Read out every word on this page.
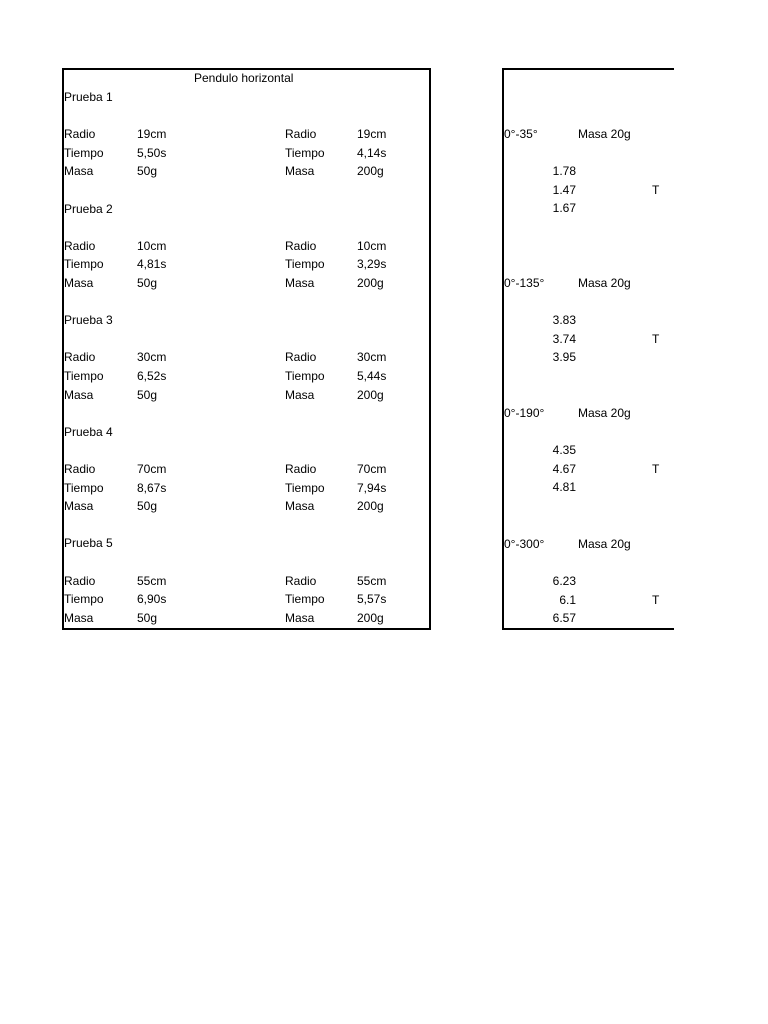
Pendulo horizontal
Prueba 1
Radio	19cm	Radio	19cm
Tiempo	5,50s	Tiempo	4,14s
Masa	50g	Masa	200g
Prueba 2
Radio	10cm	Radio	10cm
Tiempo	4,81s	Tiempo	3,29s
Masa	50g	Masa	200g
Prueba 3
Radio	30cm	Radio	30cm
Tiempo	6,52s	Tiempo	5,44s
Masa	50g	Masa	200g
Prueba 4
Radio	70cm	Radio	70cm
Tiempo	8,67s	Tiempo	7,94s
Masa	50g	Masa	200g
Prueba 5
Radio	55cm	Radio	55cm
Tiempo	6,90s	Tiempo	5,57s
Masa	50g	Masa	200g
0°-35°	Masa 20g
1.78
1.47	T
1.67
0°-135°	Masa 20g
3.83
3.74	T
3.95
0°-190°	Masa 20g
4.35
4.67	T
4.81
0°-300°	Masa 20g
6.23
6.1	T
6.57
